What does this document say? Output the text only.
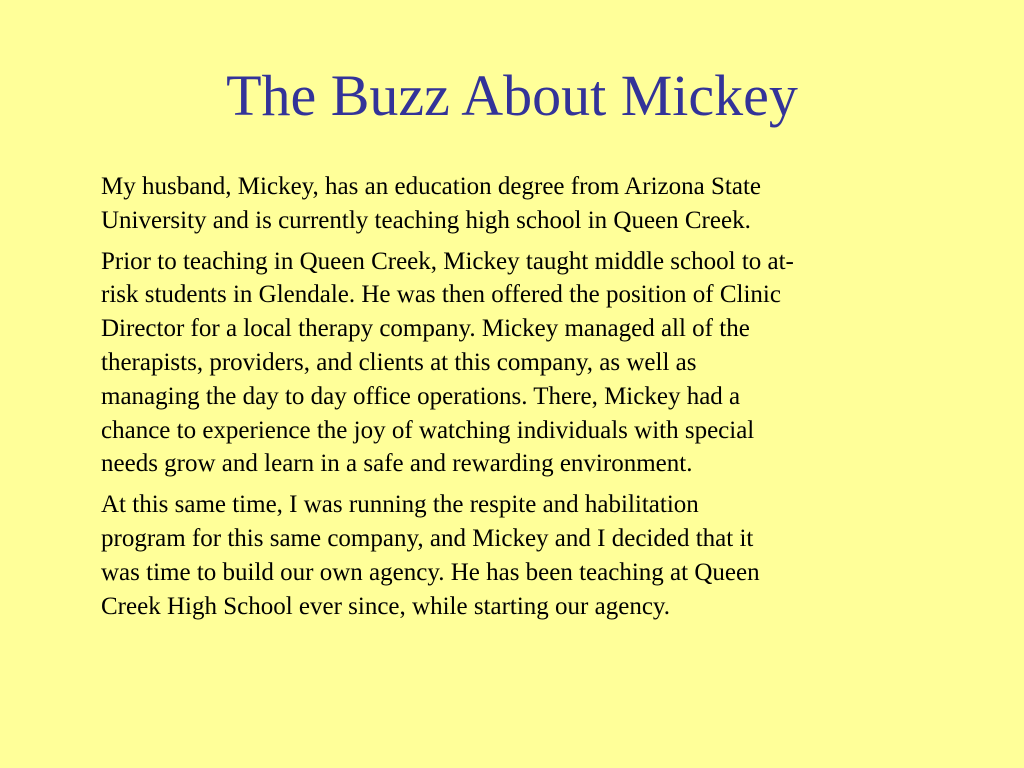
The Buzz About Mickey

My husband, Mickey, has an education degree from Arizona State
University and is currently teaching high school in Queen Creek.

Prior to teaching in Queen Creek, Mickey taught middle school to at-
risk students in Glendale. He was then offered the position of Clinic
Director for a local therapy company. Mickey managed all of the
therapists, providers, and clients at this company, as well as
managing the day to day office operations. There, Mickey had a
chance to experience the joy of watching individuals with special
needs grow and learn in a safe and rewarding environment.

At this same time, I was running the respite and habilitation
program for this same company, and Mickey and I decided that it
was time to build our own agency. He has been teaching at Queen
Creek High School ever since, while starting our agency.
